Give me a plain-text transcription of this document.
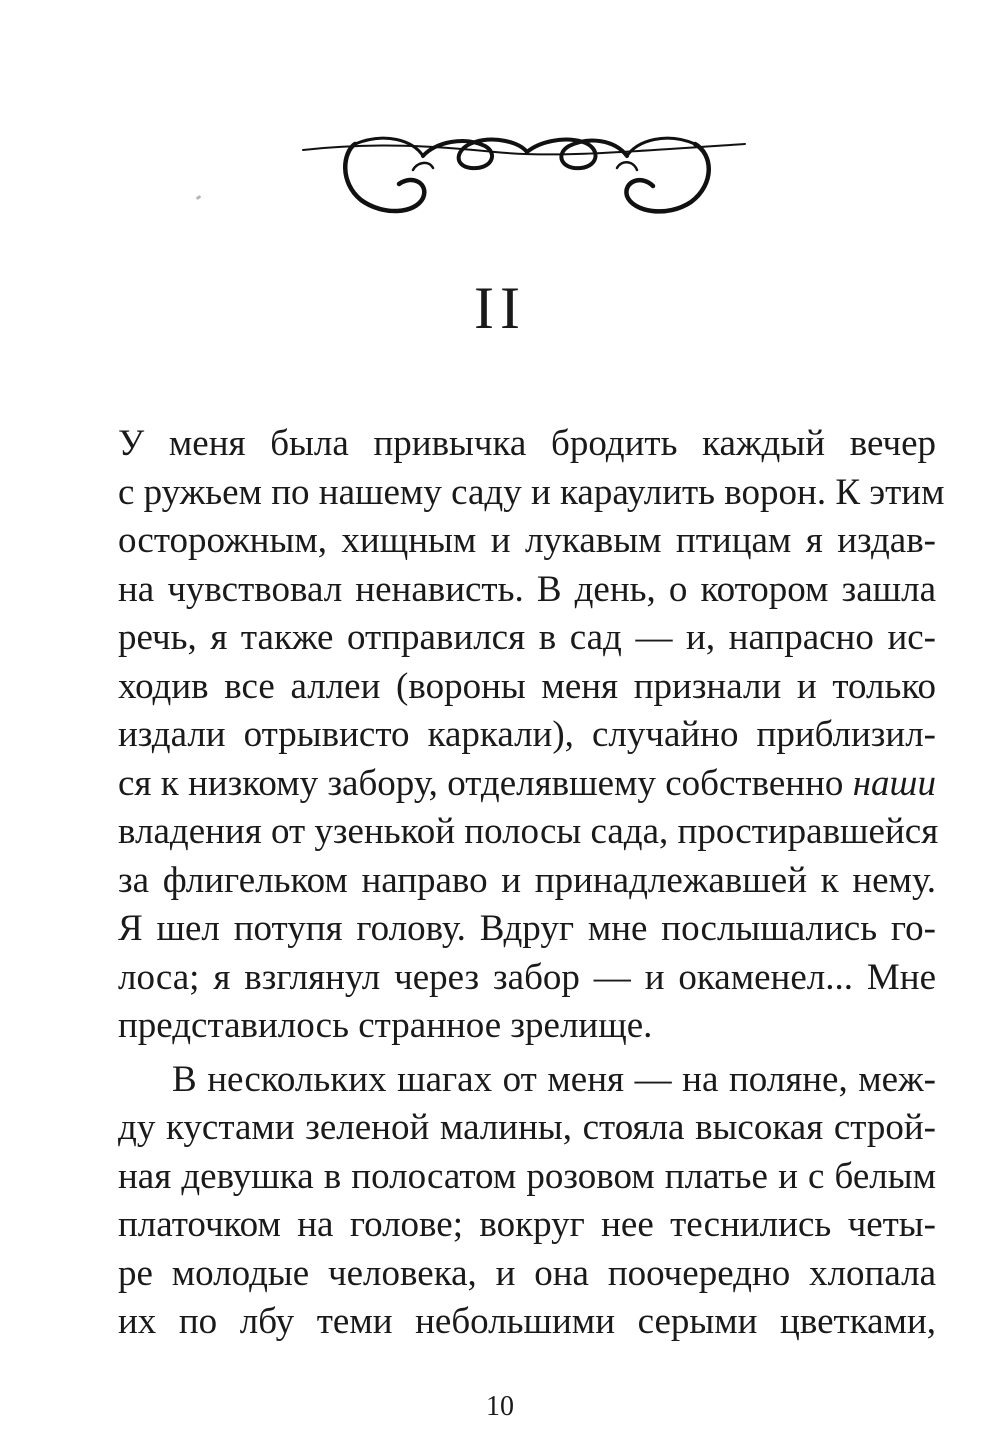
II
У меня была привычка бродить каждый вечер
с ружьем по нашему саду и караулить ворон. К этим
осторожным, хищным и лукавым птицам я издав-
на чувствовал ненависть. В день, о котором зашла
речь, я также отправился в сад — и, напрасно ис-
ходив все аллеи (вороны меня признали и только
издали отрывисто каркали), случайно приблизил-
ся к низкому забору, отделявшему собственно наши
владения от узенькой полосы сада, простиравшейся
за флигельком направо и принадлежавшей к нему.
Я шел потупя голову. Вдруг мне послышались го-
лоса; я взглянул через забор — и окаменел... Мне
представилось странное зрелище.
В нескольких шагах от меня — на поляне, меж-
ду кустами зеленой малины, стояла высокая строй-
ная девушка в полосатом розовом платье и с белым
платочком на голове; вокруг нее теснились четы-
ре молодые человека, и она поочередно хлопала
их по лбу теми небольшими серыми цветками,
10
